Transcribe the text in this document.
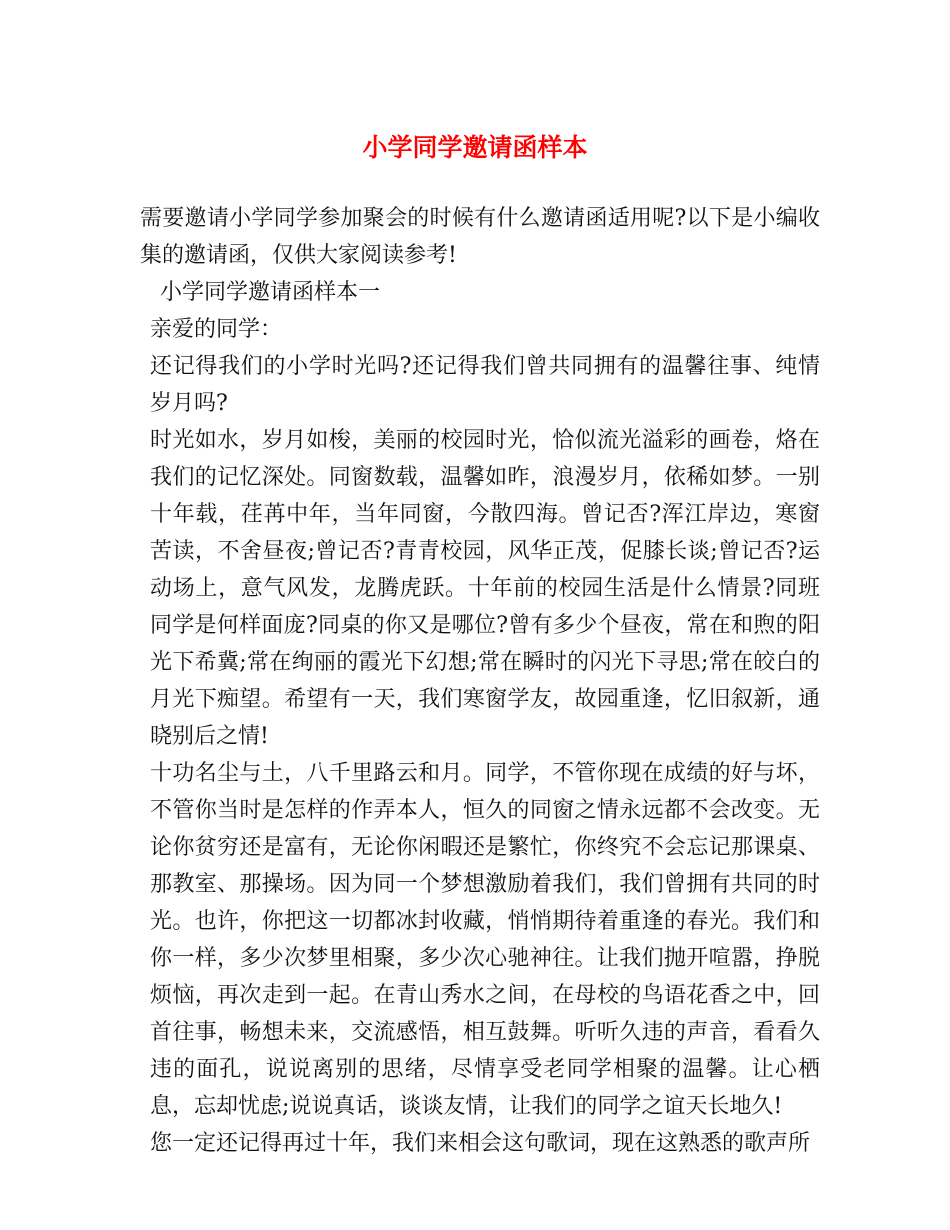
小学同学邀请函样本

需要邀请小学同学参加聚会的时候有什么邀请函适用呢?以下是小编收集的邀请函，仅供大家阅读参考!

小学同学邀请函样本一

亲爱的同学：

还记得我们的小学时光吗?还记得我们曾共同拥有的温馨往事、纯情岁月吗?

时光如水，岁月如梭，美丽的校园时光，恰似流光溢彩的画卷，烙在我们的记忆深处。同窗数载，温馨如昨，浪漫岁月，依稀如梦。一别十年载，荏苒中年，当年同窗，今散四海。曾记否?浑江岸边，寒窗苦读，不舍昼夜;曾记否?青青校园，风华正茂，促膝长谈;曾记否?运动场上，意气风发，龙腾虎跃。十年前的校园生活是什么情景?同班同学是何样面庞?同桌的你又是哪位?曾有多少个昼夜，常在和煦的阳光下希冀;常在绚丽的霞光下幻想;常在瞬时的闪光下寻思;常在皎白的月光下痴望。希望有一天，我们寒窗学友，故园重逢，忆旧叙新，通晓别后之情!

十功名尘与土，八千里路云和月。同学，不管你现在成绩的好与坏，不管你当时是怎样的作弄本人，恒久的同窗之情永远都不会改变。无论你贫穷还是富有，无论你闲暇还是繁忙，你终究不会忘记那课桌、那教室、那操场。因为同一个梦想激励着我们，我们曾拥有共同的时光。也许，你把这一切都冰封收藏，悄悄期待着重逢的春光。我们和你一样，多少次梦里相聚，多少次心驰神往。让我们抛开喧嚣，挣脱烦恼，再次走到一起。在青山秀水之间，在母校的鸟语花香之中，回首往事，畅想未来，交流感悟，相互鼓舞。听听久违的声音，看看久违的面孔，说说离别的思绪，尽情享受老同学相聚的温馨。让心栖息，忘却忧虑;说说真话，谈谈友情，让我们的同学之谊天长地久!

您一定还记得再过十年，我们来相会这句歌词，现在这熟悉的歌声所
